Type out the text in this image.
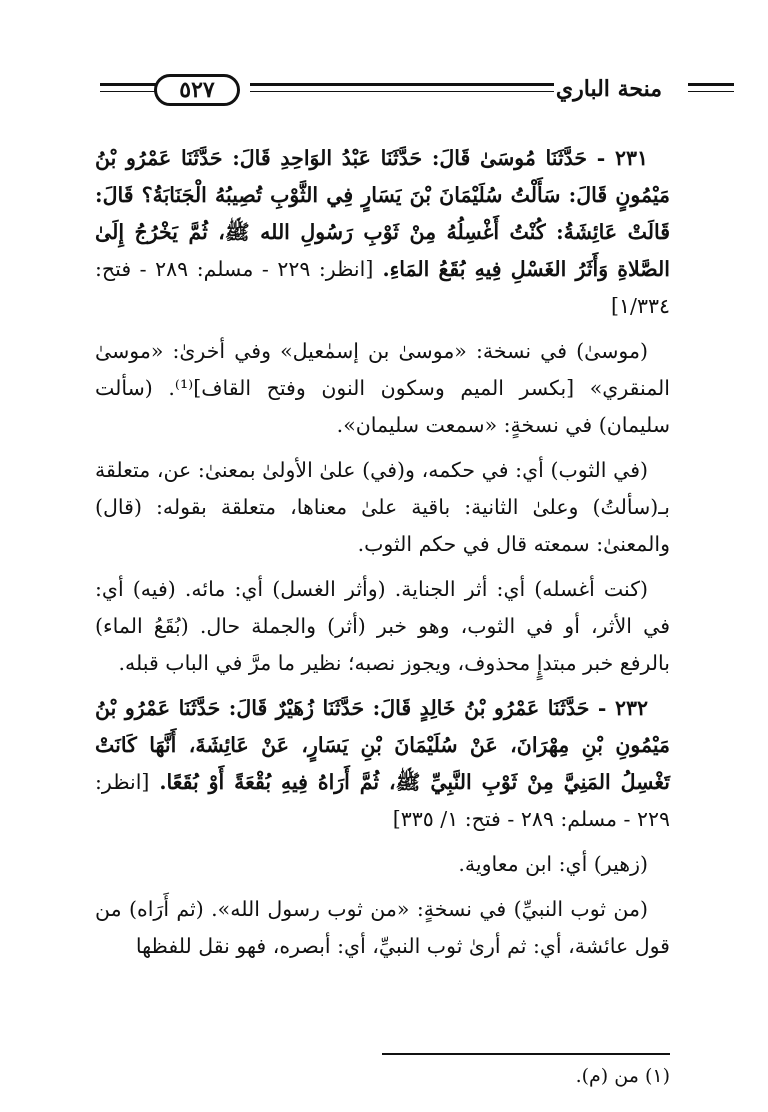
منحة الباري
٥٢٧

٢٣١ - حَدَّثَنَا مُوسَىٰ قَالَ: حَدَّثَنَا عَبْدُ الوَاحِدِ قَالَ: حَدَّثَنَا عَمْرُو بْنُ مَيْمُونٍ قَالَ: سَأَلْتُ سُلَيْمَانَ بْنَ يَسَارٍ فِي الثَّوْبِ تُصِيبُهُ الْجَنَابَةُ؟ قَالَ: قَالَتْ عَائِشَةُ: كُنْتُ أَغْسِلُهُ مِنْ ثَوْبِ رَسُولِ الله ﷺ، ثُمَّ يَخْرُجُ إِلَىٰ الصَّلاةِ وَأَثَرُ الغَسْلِ فِيهِ بُقَعُ المَاءِ. [انظر: ٢٢٩ - مسلم: ٢٨٩ - فتح: ١/٣٣٤]

(موسىٰ) في نسخة: «موسىٰ بن إسمٰعيل» وفي أخرىٰ: «موسىٰ المنقري» [بكسر الميم وسكون النون وفتح القاف]⁽¹⁾. (سألت سليمان) في نسخةٍ: «سمعت سليمان».

(في الثوب) أي: في حكمه، و(في) علىٰ الأولىٰ بمعنىٰ: عن، متعلقة بـ(سألتُ) وعلىٰ الثانية: باقية علىٰ معناها، متعلقة بقوله: (قال) والمعنىٰ: سمعته قال في حكم الثوب.

(كنت أغسله) أي: أثر الجناية. (وأثر الغسل) أي: مائه. (فيه) أي: في الأثر، أو في الثوب، وهو خبر (أثر) والجملة حال. (بُقَعُ الماء) بالرفع خبر مبتدإٍ محذوف، ويجوز نصبه؛ نظير ما مرَّ في الباب قبله.

٢٣٢ - حَدَّثَنَا عَمْرُو بْنُ خَالِدٍ قَالَ: حَدَّثَنَا زُهَيْرٌ قَالَ: حَدَّثَنَا عَمْرُو بْنُ مَيْمُونِ بْنِ مِهْرَانَ، عَنْ سُلَيْمَانَ بْنِ يَسَارٍ، عَنْ عَائِشَةَ، أَنَّهَا كَانَتْ تَغْسِلُ المَنِيَّ مِنْ ثَوْبِ النَّبِيِّ ﷺ، ثُمَّ أَرَاهُ فِيهِ بُقْعَةً أَوْ بُقَعًا. [انظر: ٢٢٩ - مسلم: ٢٨٩ - فتح: ١/ ٣٣٥]

(زهير) أي: ابن معاوية.

(من ثوب النبيِّ) في نسخةٍ: «من ثوب رسول الله». (ثم أَرَاه) من قول عائشة، أي: ثم أرىٰ ثوب النبيِّ، أي: أبصره، فهو نقل للفظها

(١) من (م).
